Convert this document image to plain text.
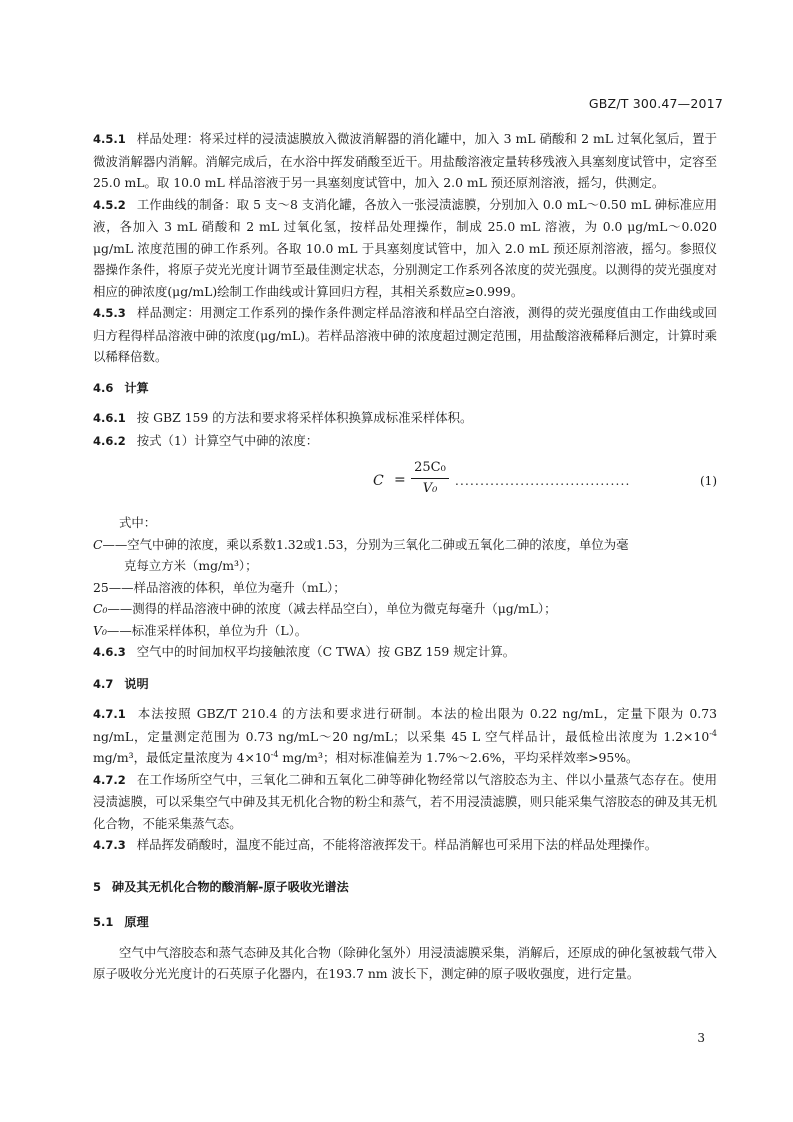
GBZ/T 300.47—2017

4.5.1 样品处理：将采过样的浸渍滤膜放入微波消解器的消化罐中，加入 3 mL 硝酸和 2 mL 过氧化氢后，置于微波消解器内消解。消解完成后，在水浴中挥发硝酸至近干。用盐酸溶液定量转移残液入具塞刻度试管中，定容至 25.0 mL。取 10.0 mL 样品溶液于另一具塞刻度试管中，加入 2.0 mL 预还原剂溶液，摇匀，供测定。

4.5.2 工作曲线的制备：取 5 支～8 支消化罐，各放入一张浸渍滤膜，分别加入 0.0 mL～0.50 mL 砷标准应用液，各加入 3 mL 硝酸和 2 mL 过氧化氢，按样品处理操作，制成 25.0 mL 溶液，为 0.0 μg/mL～0.020 μg/mL 浓度范围的砷工作系列。各取 10.0 mL 于具塞刻度试管中，加入 2.0 mL 预还原剂溶液，摇匀。参照仪器操作条件，将原子荧光光度计调节至最佳测定状态，分别测定工作系列各浓度的荧光强度。以测得的荧光强度对相应的砷浓度(μg/mL)绘制工作曲线或计算回归方程，其相关系数应≥0.999。

4.5.3 样品测定：用测定工作系列的操作条件测定样品溶液和样品空白溶液，测得的荧光强度值由工作曲线或回归方程得样品溶液中砷的浓度(μg/mL)。若样品溶液中砷的浓度超过测定范围，用盐酸溶液稀释后测定，计算时乘以稀释倍数。

4.6 计算

4.6.1 按 GBZ 159 的方法和要求将采样体积换算成标准采样体积。

4.6.2 按式（1）计算空气中砷的浓度：

$C = \frac{\text{25C₀}}{\text{V₀}}$ ...................................	(1)

式中：

C——空气中砷的浓度，乘以系数1.32或1.53，分别为三氧化二砷或五氧化二砷的浓度，单位为毫

克每立方米（mg/m³）；

25——样品溶液的体积，单位为毫升（mL）；

C₀——测得的样品溶液中砷的浓度（减去样品空白），单位为微克每毫升（μg/mL）；

V₀——标准采样体积，单位为升（L）。

4.6.3 空气中的时间加权平均接触浓度（C TWA）按 GBZ 159 规定计算。

4.7 说明

4.7.1 本法按照 GBZ/T 210.4 的方法和要求进行研制。本法的检出限为 0.22 ng/mL，定量下限为 0.73 ng/mL，定量测定范围为 0.73 ng/mL～20 ng/mL；以采集 45 L 空气样品计，最低检出浓度为 $1.2\times 10^{-4}$ mg/m³，最低定量浓度为 $4\times 10^{-4}$ mg/m³；相对标准偏差为 1.7%～2.6%，平均采样效率>95%。

4.7.2 在工作场所空气中，三氧化二砷和五氧化二砷等砷化物经常以气溶胶态为主、伴以小量蒸气态存在。使用浸渍滤膜，可以采集空气中砷及其无机化合物的粉尘和蒸气，若不用浸渍滤膜，则只能采集气溶胶态的砷及其无机化合物，不能采集蒸气态。

4.7.3 样品挥发硝酸时，温度不能过高，不能将溶液挥发干。样品消解也可采用下法的样品处理操作。

5 砷及其无机化合物的酸消解-原子吸收光谱法
5.1 原理

空气中气溶胶态和蒸气态砷及其化合物（除砷化氢外）用浸渍滤膜采集，消解后，还原成的砷化氢被载气带入原子吸收分光光度计的石英原子化器内，在193.7 nm 波长下，测定砷的原子吸收强度，进行定量。

3
